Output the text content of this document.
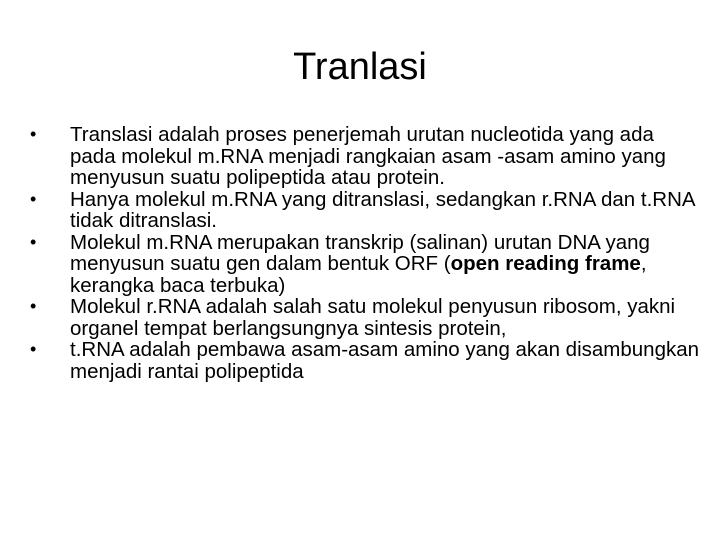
Tranlasi
•	Translasi adalah proses penerjemah urutan nucleotida yang ada pada molekul m.RNA menjadi rangkaian asam -asam amino yang menyusun suatu polipeptida atau protein.
•	Hanya molekul m.RNA yang ditranslasi, sedangkan r.RNA dan t.RNA tidak ditranslasi.
•	Molekul m.RNA merupakan transkrip (salinan) urutan DNA yang menyusun suatu gen dalam bentuk ORF (open reading frame, kerangka baca terbuka)
•	Molekul r.RNA adalah salah satu molekul penyusun ribosom, yakni organel tempat berlangsungnya sintesis protein,
•	t.RNA adalah pembawa asam-asam amino yang akan disambungkan menjadi rantai polipeptida
